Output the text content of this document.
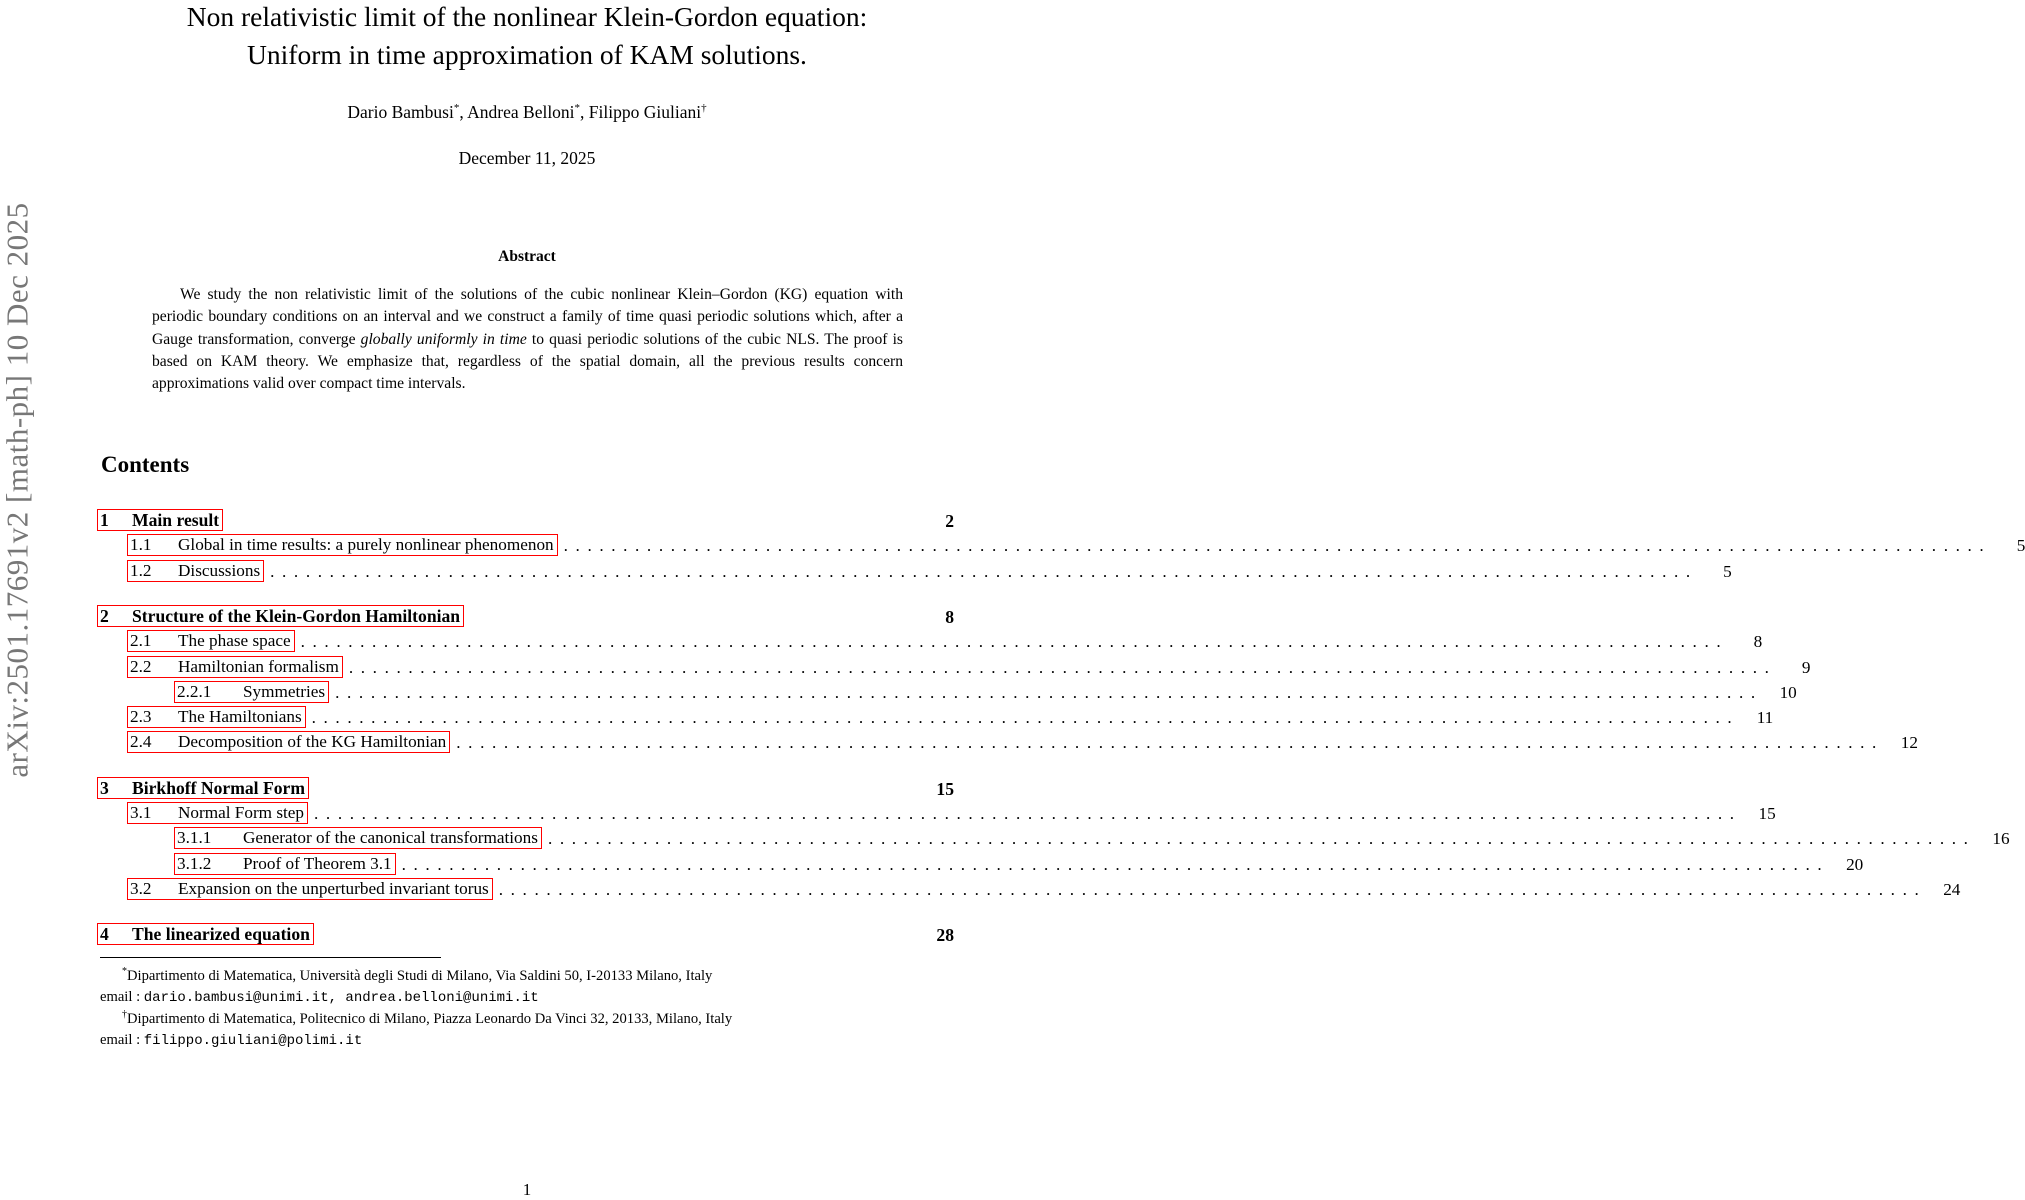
arXiv:2501.17691v2 [math-ph] 10 Dec 2025
Non relativistic limit of the nonlinear Klein-Gordon equation:
Uniform in time approximation of KAM solutions.
Dario Bambusi*, Andrea Belloni*, Filippo Giuliani†
December 11, 2025
Abstract

We study the non relativistic limit of the solutions of the cubic nonlinear Klein–Gordon (KG) equation with periodic boundary conditions on an interval and we construct a family of time quasi periodic solutions which, after a Gauge transformation, converge globally uniformly in time to quasi periodic solutions of the cubic NLS. The proof is based on KAM theory. We emphasize that, regardless of the spatial domain, all the previous results concern approximations valid over compact time intervals.

Contents
1 Main result	2
1.1 Global in time results: a purely nonlinear phenomenon ........................................................................................................................	5
1.2 Discussions ........................................................................................................................	5
2 Structure of the Klein-Gordon Hamiltonian	8
2.1 The phase space ........................................................................................................................	8
2.2 Hamiltonian formalism ........................................................................................................................	9
2.2.1 Symmetries ........................................................................................................................ 10
2.3 The Hamiltonians ........................................................................................................................	11
2.4 Decomposition of the KG Hamiltonian ........................................................................................................................ 12
3 Birkhoff Normal Form	15
3.1 Normal Form step ........................................................................................................................ 15
3.1.1 Generator of the canonical transformations ........................................................................................................................ 16
3.1.2 Proof of Theorem 3.1 ........................................................................................................................ 20
3.2 Expansion on the unperturbed invariant torus ........................................................................................................................ 24
4 The linearized equation	28
*Dipartimento di Matematica, Università degli Studi di Milano, Via Saldini 50, I-20133 Milano, Italy
email : dario.bambusi@unimi.it, andrea.belloni@unimi.it
†Dipartimento di Matematica, Politecnico di Milano, Piazza Leonardo Da Vinci 32, 20133, Milano, Italy
email : filippo.giuliani@polimi.it
1
